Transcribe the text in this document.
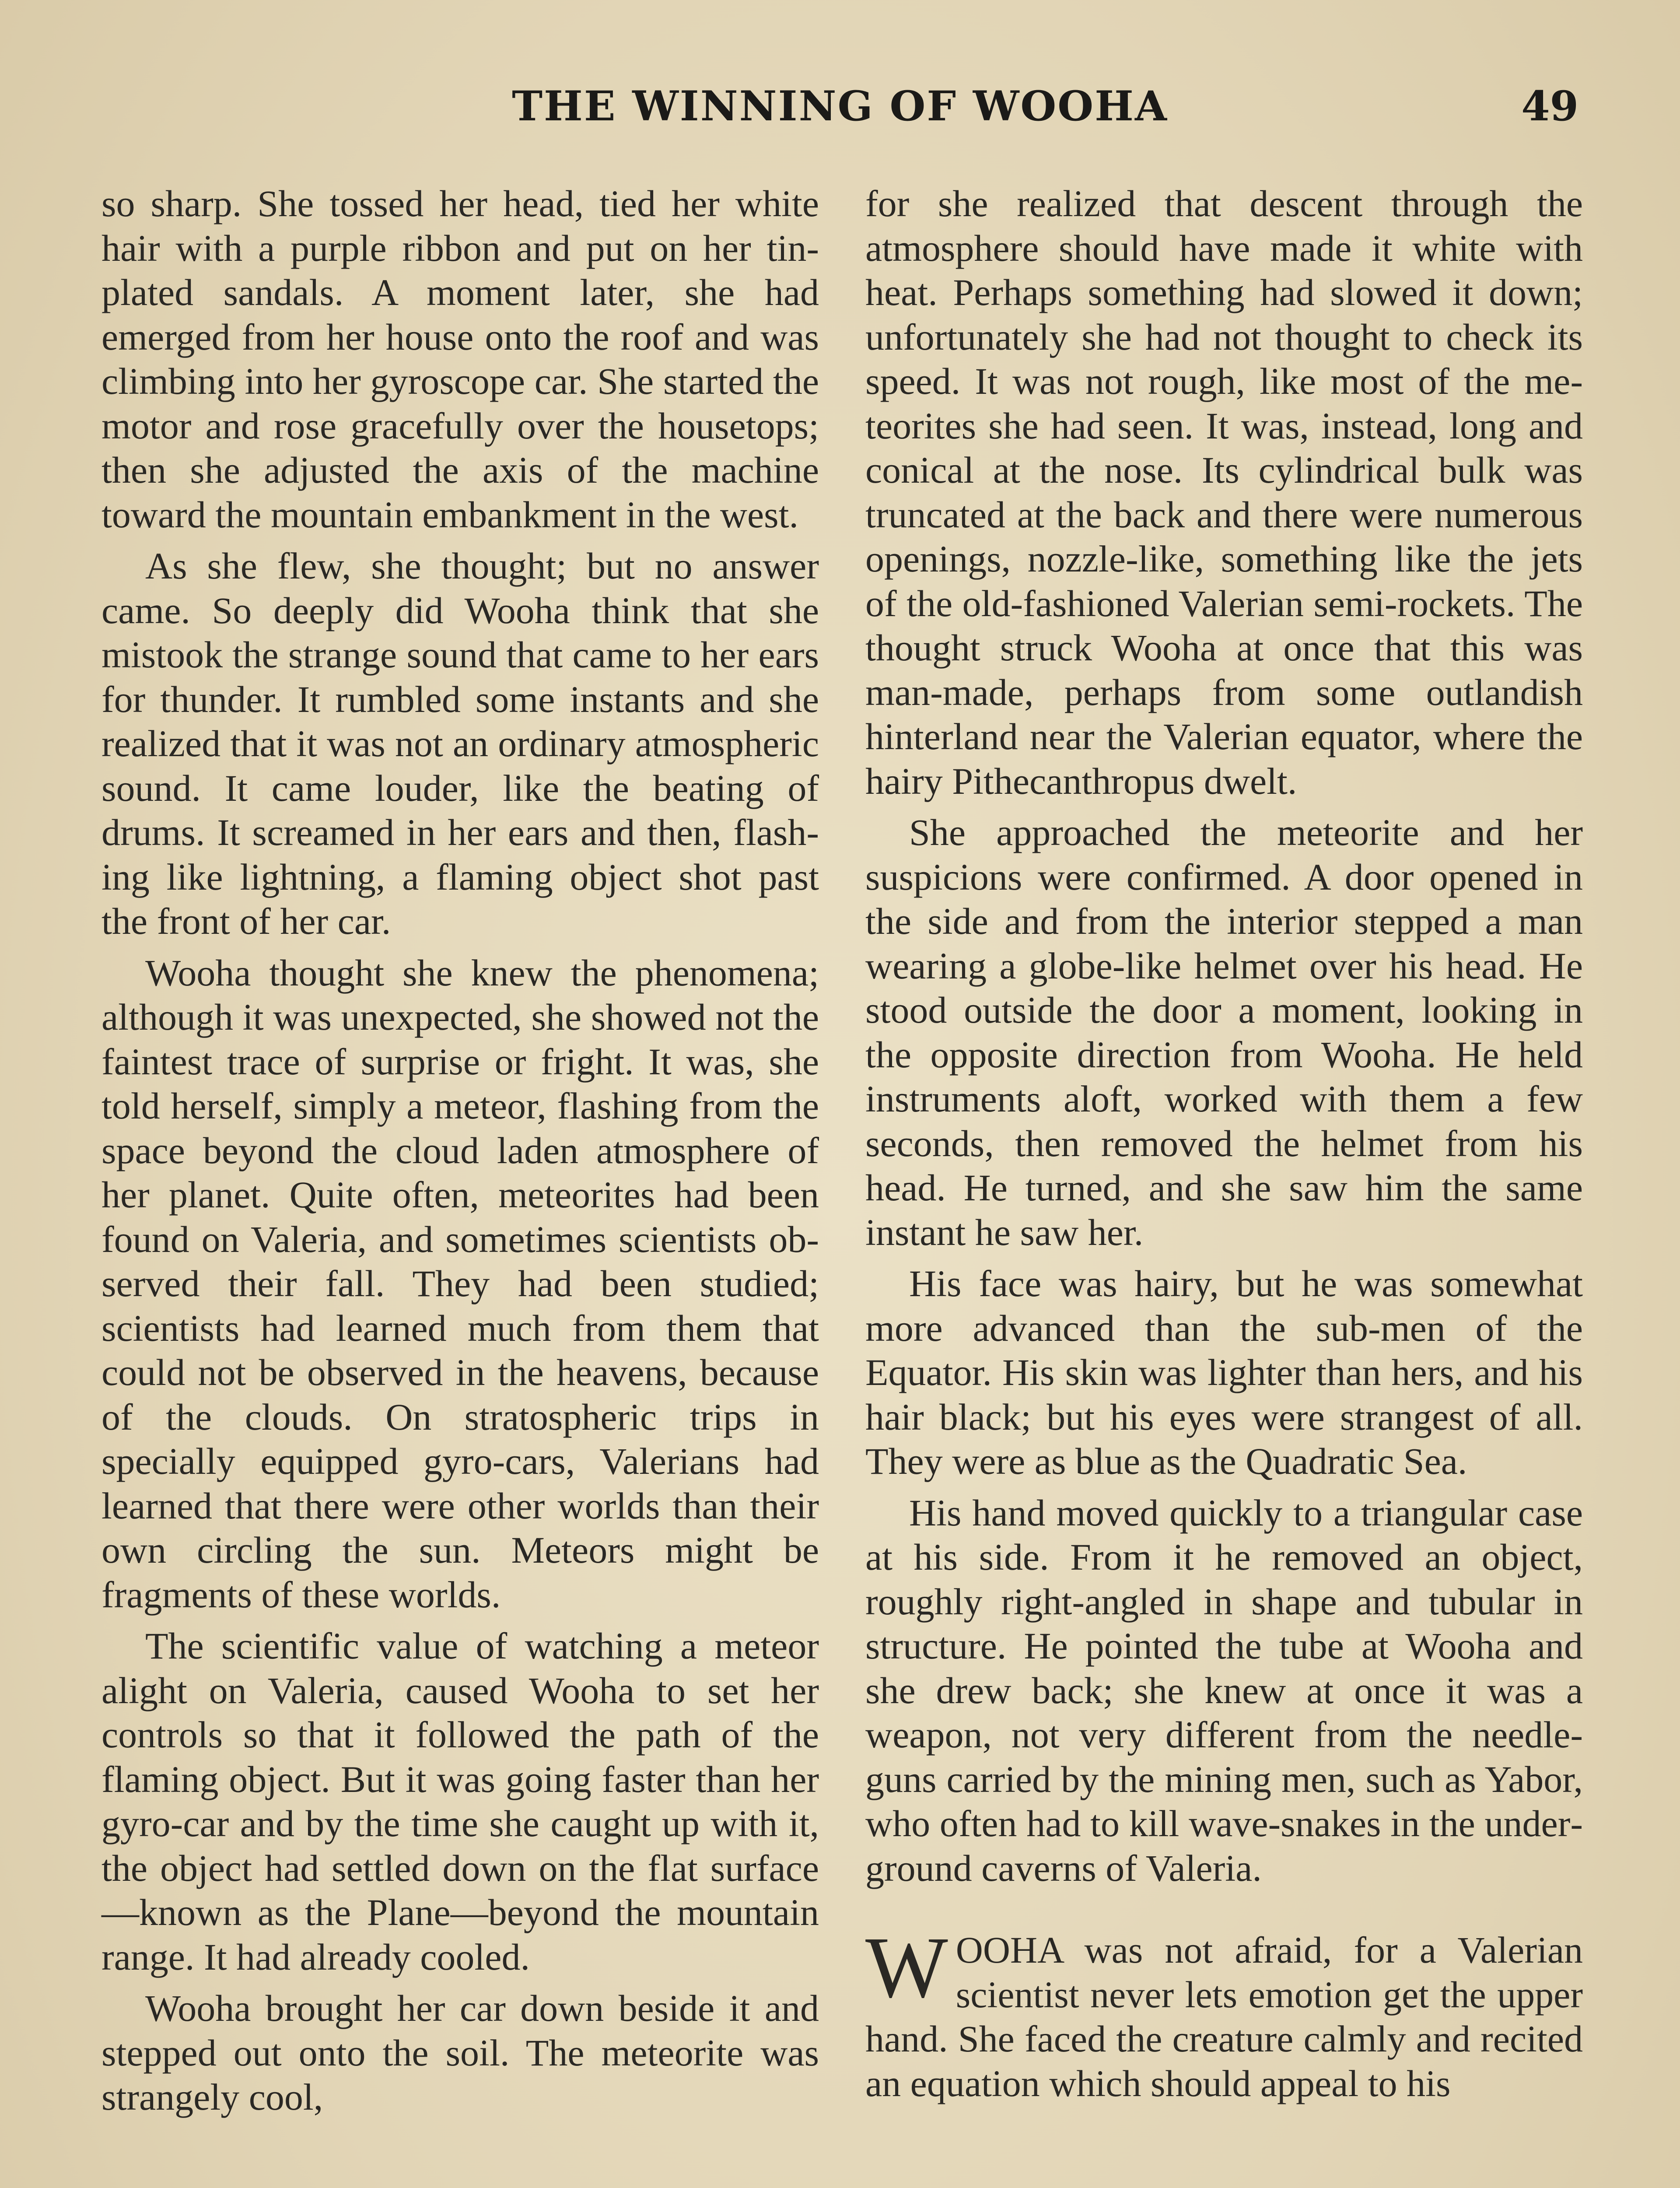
THE WINNING OF WOOHA	49

so sharp. She tossed her head, tied her white hair with a purple ribbon and put on her tin-plated sandals. A moment later, she had emerged from her house onto the roof and was climbing into her gyroscope car. She started the motor and rose gracefully over the housetops; then she adjusted the axis of the machine toward the mountain embankment in the west.

As she flew, she thought; but no answer came. So deeply did Wooha think that she mistook the strange sound that came to her ears for thunder. It rumbled some instants and she realized that it was not an ordinary atmospheric sound. It came louder, like the beating of drums. It screamed in her ears and then, flashing like lightning, a flaming object shot past the front of her car.

Wooha thought she knew the phenomena; although it was unexpected, she showed not the faintest trace of surprise or fright. It was, she told herself, simply a meteor, flashing from the space beyond the cloud laden atmosphere of her planet. Quite often, meteorites had been found on Valeria, and sometimes scientists observed their fall. They had been studied; scientists had learned much from them that could not be observed in the heavens, because of the clouds. On stratospheric trips in specially equipped gyro-cars, Valerians had learned that there were other worlds than their own circling the sun. Meteors might be fragments of these worlds.

The scientific value of watching a meteor alight on Valeria, caused Wooha to set her controls so that it followed the path of the flaming object. But it was going faster than her gyro-car and by the time she caught up with it, the object had settled down on the flat surface—known as the Plane—beyond the mountain range. It had already cooled.

Wooha brought her car down beside it and stepped out onto the soil. The meteorite was strangely cool,

for she realized that descent through the atmosphere should have made it white with heat. Perhaps something had slowed it down; unfortunately she had not thought to check its speed. It was not rough, like most of the meteorites she had seen. It was, instead, long and conical at the nose. Its cylindrical bulk was truncated at the back and there were numerous openings, nozzle-like, something like the jets of the old-fashioned Valerian semi-rockets. The thought struck Wooha at once that this was man-made, perhaps from some outlandish hinterland near the Valerian equator, where the hairy Pithecanthropus dwelt.

She approached the meteorite and her suspicions were confirmed. A door opened in the side and from the interior stepped a man wearing a globe-like helmet over his head. He stood outside the door a moment, looking in the opposite direction from Wooha. He held instruments aloft, worked with them a few seconds, then removed the helmet from his head. He turned, and she saw him the same instant he saw her.

His face was hairy, but he was somewhat more advanced than the sub-men of the Equator. His skin was lighter than hers, and his hair black; but his eyes were strangest of all. They were as blue as the Quadratic Sea.

His hand moved quickly to a triangular case at his side. From it he removed an object, roughly right-angled in shape and tubular in structure. He pointed the tube at Wooha and she drew back; she knew at once it was a weapon, not very different from the needle-guns carried by the mining men, such as Yabor, who often had to kill wave-snakes in the underground caverns of Valeria.

WOOHA was not afraid, for a Valerian scientist never lets emotion get the upper hand. She faced the creature calmly and recited an equation which should appeal to his
